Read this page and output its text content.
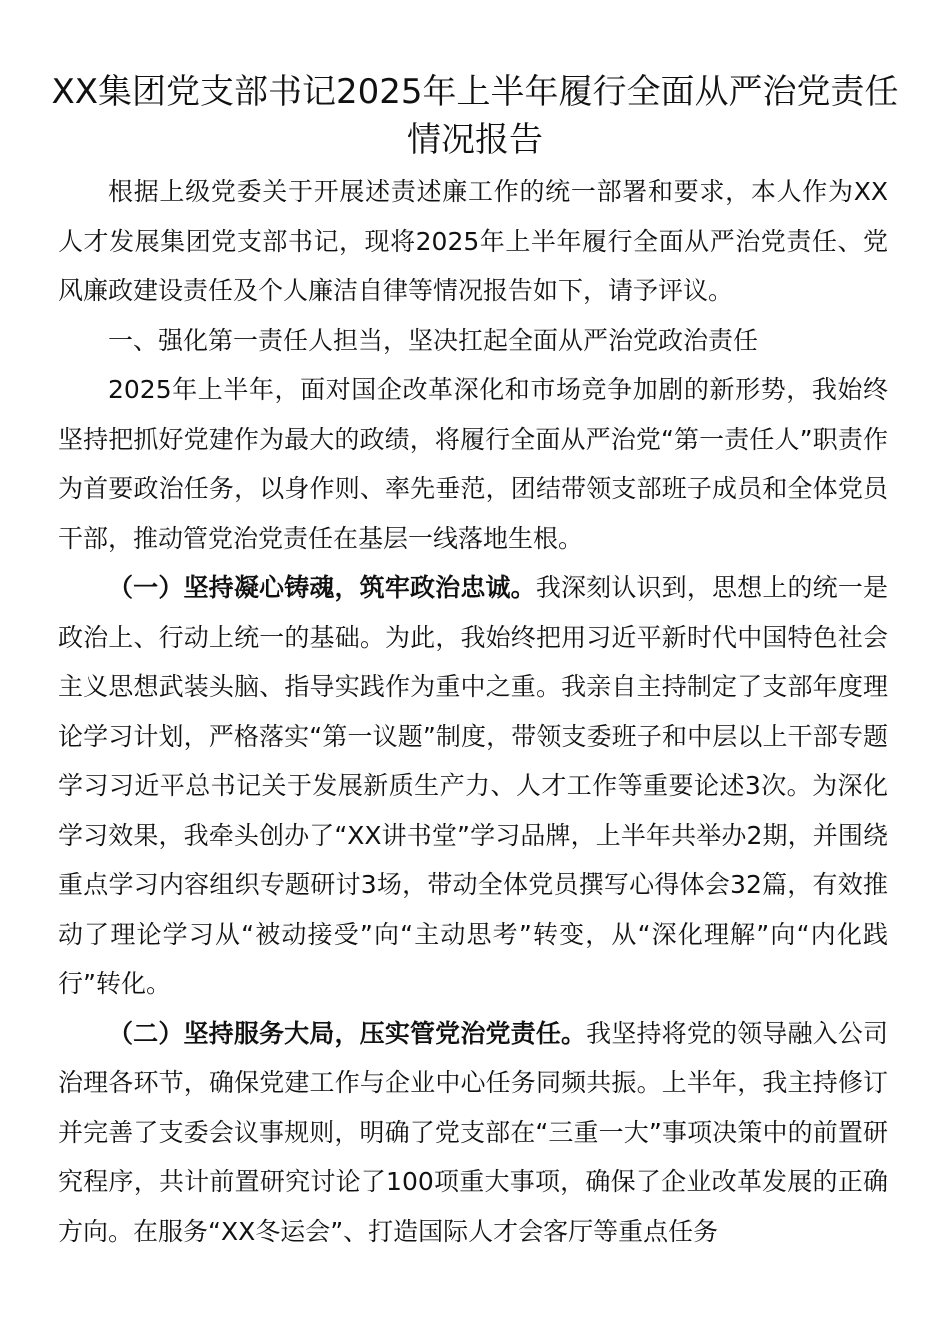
XX集团党支部书记2025年上半年履行全面从严治党责任情况报告

根据上级党委关于开展述责述廉工作的统一部署和要求，本人作为XX人才发展集团党支部书记，现将2025年上半年履行全面从严治党责任、党风廉政建设责任及个人廉洁自律等情况报告如下，请予评议。

一、强化第一责任人担当，坚决扛起全面从严治党政治责任

2025年上半年，面对国企改革深化和市场竞争加剧的新形势，我始终坚持把抓好党建作为最大的政绩，将履行全面从严治党“第一责任人”职责作为首要政治任务，以身作则、率先垂范，团结带领支部班子成员和全体党员干部，推动管党治党责任在基层一线落地生根。

（一）坚持凝心铸魂，筑牢政治忠诚。我深刻认识到，思想上的统一是政治上、行动上统一的基础。为此，我始终把用习近平新时代中国特色社会主义思想武装头脑、指导实践作为重中之重。我亲自主持制定了支部年度理论学习计划，严格落实“第一议题”制度，带领支委班子和中层以上干部专题学习习近平总书记关于发展新质生产力、人才工作等重要论述3次。为深化学习效果，我牵头创办了“XX讲书堂”学习品牌，上半年共举办2期，并围绕重点学习内容组织专题研讨3场，带动全体党员撰写心得体会32篇，有效推动了理论学习从“被动接受”向“主动思考”转变，从“深化理解”向“内化践行”转化。

（二）坚持服务大局，压实管党治党责任。我坚持将党的领导融入公司治理各环节，确保党建工作与企业中心任务同频共振。上半年，我主持修订并完善了支委会议事规则，明确了党支部在“三重一大”事项决策中的前置研究程序，共计前置研究讨论了100项重大事项，确保了企业改革发展的正确方向。在服务“XX冬运会”、打造国际人才会客厅等重点任务
